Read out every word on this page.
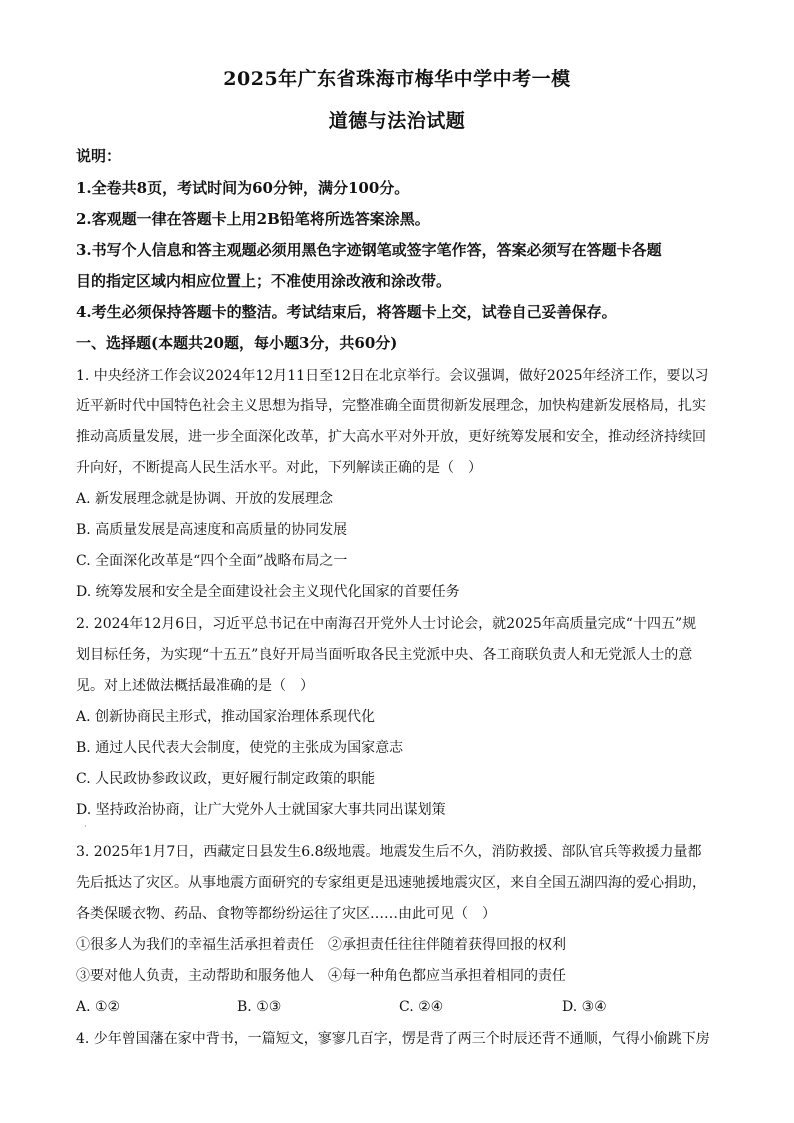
2025年广东省珠海市梅华中学中考一模
道德与法治试题
说明：
1.全卷共8页，考试时间为60分钟，满分100分。
2.客观题一律在答题卡上用2B铅笔将所选答案涂黑。
3.书写个人信息和答主观题必须用黑色字迹钢笔或签字笔作答，答案必须写在答题卡各题
目的指定区域内相应位置上；不准使用涂改液和涂改带。
4.考生必须保持答题卡的整洁。考试结束后，将答题卡上交，试卷自己妥善保存。
一、选择题(本题共20题，每小题3分，共60分)
1. 中央经济工作会议2024年12月11日至12日在北京举行。会议强调，做好2025年经济工作，要以习
近平新时代中国特色社会主义思想为指导，完整准确全面贯彻新发展理念，加快构建新发展格局，扎实
推动高质量发展，进一步全面深化改革，扩大高水平对外开放，更好统筹发展和安全，推动经济持续回
升向好，不断提高人民生活水平。对此，下列解读正确的是（　）
A. 新发展理念就是协调、开放的发展理念
B. 高质量发展是高速度和高质量的协同发展
C. 全面深化改革是“四个全面”战略布局之一
D. 统筹发展和安全是全面建设社会主义现代化国家的首要任务
2. 2024年12月6日，习近平总书记在中南海召开党外人士讨论会，就2025年高质量完成“十四五”规
划目标任务，为实现“十五五”良好开局当面听取各民主党派中央、各工商联负责人和无党派人士的意
见。对上述做法概括最准确的是（　）
A. 创新协商民主形式，推动国家治理体系现代化
B. 通过人民代表大会制度，使党的主张成为国家意志
C. 人民政协参政议政，更好履行制定政策的职能
D. 坚持政治协商，让广大党外人士就国家大事共同出谋划策
·
3. 2025年1月7日，西藏定日县发生6.8级地震。地震发生后不久，消防救援、部队官兵等救援力量都
先后抵达了灾区。从事地震方面研究的专家组更是迅速驰援地震灾区，来自全国五湖四海的爱心捐助，
各类保暖衣物、药品、食物等都纷纷运往了灾区……由此可见（　）
①很多人为我们的幸福生活承担着责任　②承担责任往往伴随着获得回报的权利
③要对他人负责，主动帮助和服务他人　④每一种角色都应当承担着相同的责任
A. ①②	B. ①③	C. ②④	D. ③④
4. 少年曾国藩在家中背书，一篇短文，寥寥几百字，愣是背了两三个时辰还背不通顺，气得小偷跳下房
